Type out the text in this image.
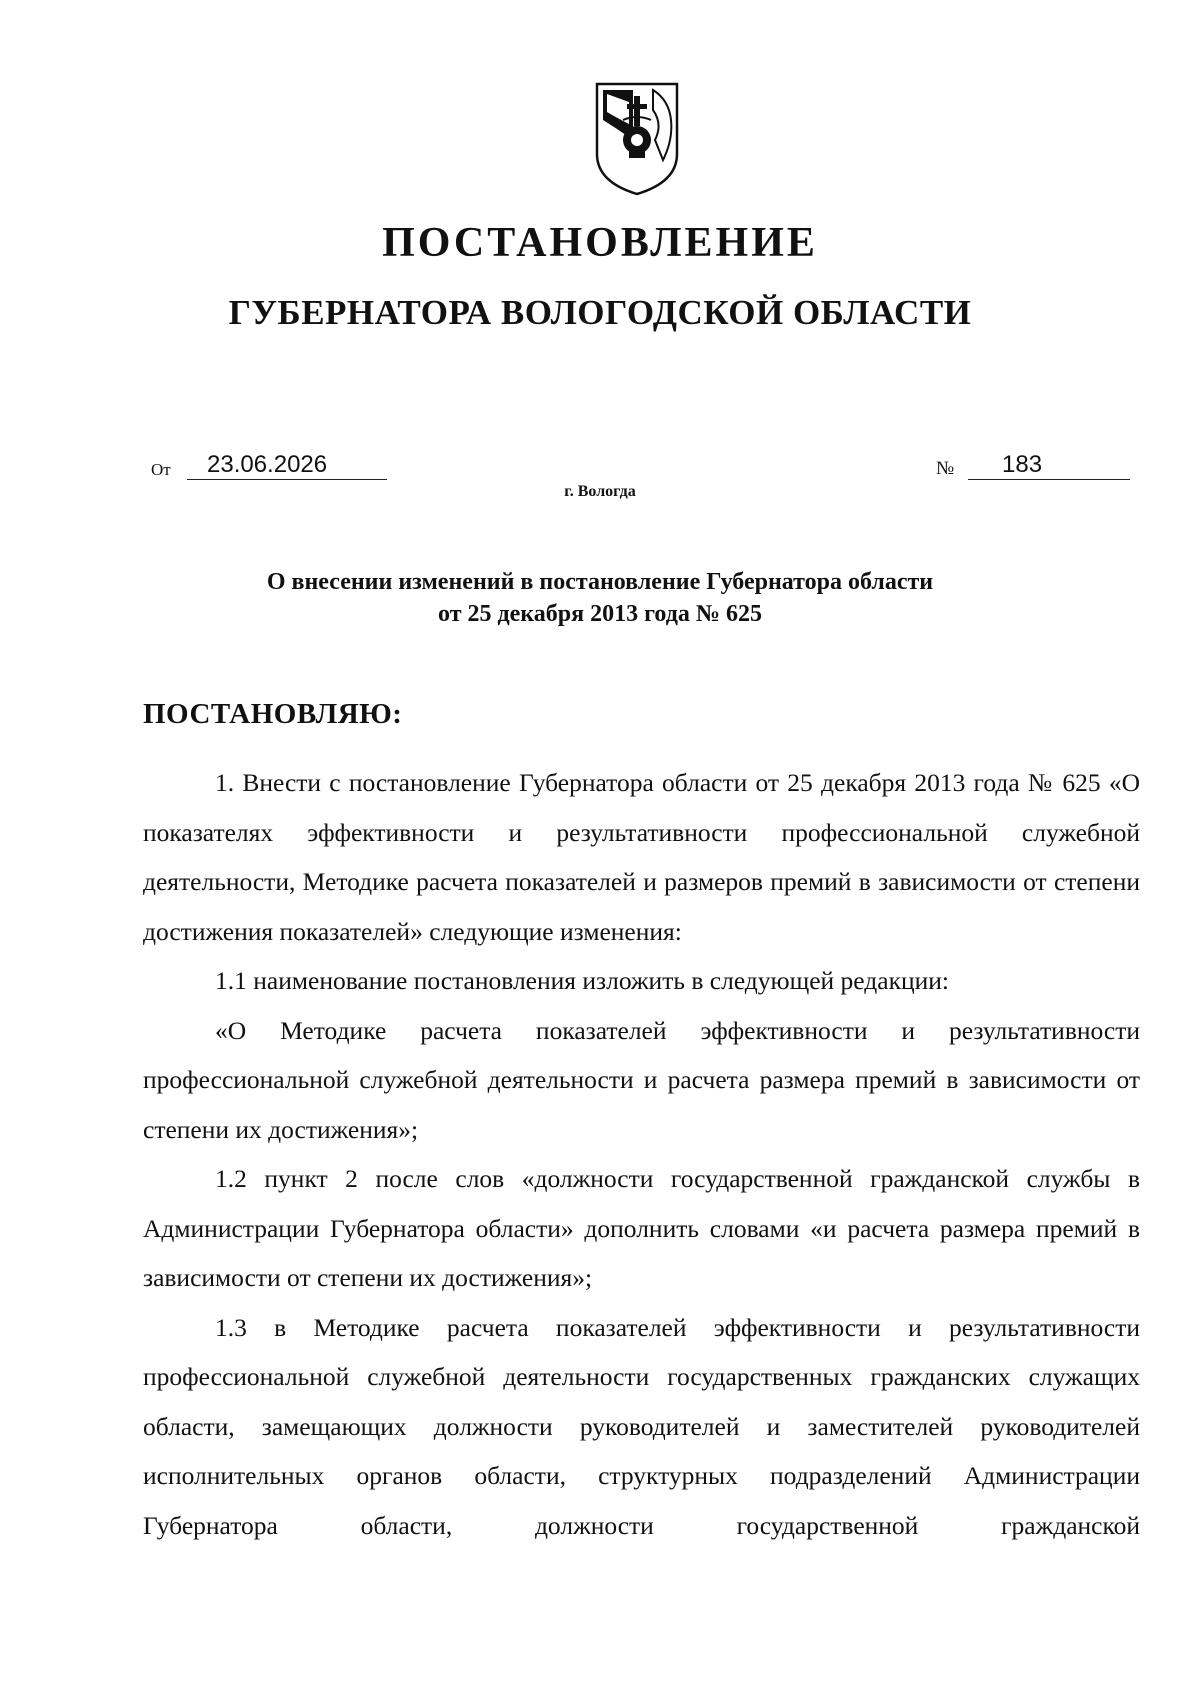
ПОСТАНОВЛЕНИЕ
ГУБЕРНАТОРА ВОЛОГОДСКОЙ ОБЛАСТИ
От	23.06.2026	№	183
г. Вологда
О внесении изменений в постановление Губернатора области
от 25 декабря 2013 года № 625
ПОСТАНОВЛЯЮ:

1. Внести с постановление Губернатора области от 25 декабря 2013 года № 625 «О показателях эффективности и результативности профессиональной служебной деятельности, Методике расчета показателей и размеров премий в зависимости от степени достижения показателей» следующие изменения:

1.1 наименование постановления изложить в следующей редакции:

«О Методике расчета показателей эффективности и результативности профессиональной служебной деятельности и расчета размера премий в зависимости от степени их достижения»;

1.2 пункт 2 после слов «должности государственной гражданской службы в Администрации Губернатора области» дополнить словами «и расчета размера премий в зависимости от степени их достижения»;

1.3 в Методике расчета показателей эффективности и результативности профессиональной служебной деятельности государственных гражданских служащих области, замещающих должности руководителей и заместителей руководителей исполнительных органов области, структурных подразделений Администрации Губернатора области, должности государственной гражданской
